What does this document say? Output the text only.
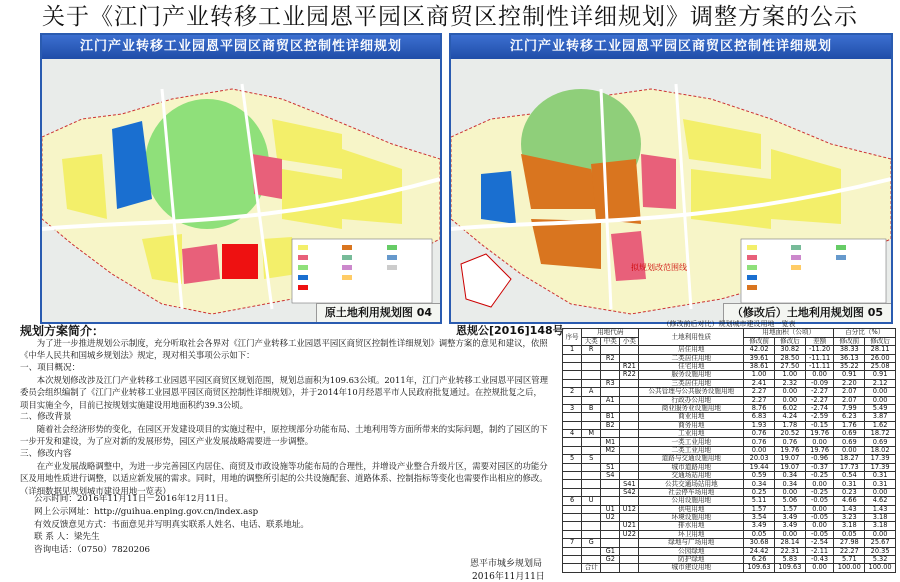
关于《江门产业转移工业园恩平园区商贸区控制性详细规划》调整方案的公示
江门产业转移工业园恩平园区商贸区控制性详细规划
原土地利用规划图 04
江门产业转移工业园恩平园区商贸区控制性详细规划
拟规划改范围线
（修改后）土地利用规划图 05
规划方案简介：	恩规公[2016]148号
为了进一步推进规划公示制度，充分听取社会各界对《江门产业转移工业园恩平园区商贸区控制性详细规划》调整方案的意见和建议，依照《中华人民共和国城乡规划法》规定，现对相关事项公示如下：
一、项目概况：
本次规划修改涉及江门产业转移工业园恩平园区商贸区规划范围，规划总面积为109.63公顷。2011年，江门产业转移工业园恩平园区管理委员会组织编制了《江门产业转移工业园恩平园区商贸区控制性详细规划》，并于2014年10月经恩平市人民政府批复通过。在控规批复之后，项目实施全今，目前已按规划实施建设用地面积约39.3公顷。
二、修改背景
随着社会经济形势的变化，在园区开发建设项目的实施过程中，原控规部分功能布局、土地利用等方面所带来的实际问题，制约了园区的下一步开发和建设，为了应对新的发展形势，园区产业发展战略需要进一步调整。
三、修改内容
在产业发展战略调整中，为进一步完善园区内居住、商贸及市政设施等功能布局的合理性，并增设产业整合升级片区，需要对园区的功能分区及用地性质进行调整，以适应新发展的需求。同时，用地的调整所引起的公共设施配套、道路体系、控制指标等变化也需要作出相应的修改。（详细数据见规划城市建设用地一览表）
公示时间：2016年11月11日－2016年12月11日。
网上公示网址：http://guihua.enping.gov.cn/index.asp
有效反馈意见方式：书面意见并写明真实联系人姓名、电话、联系地址。
联 系 人：梁先生
咨询电话：（0750）7820206
恩平市城乡规划局
2016年11月11日
（修改前后对比）规划城市建设用地一览表									
序号	用地代码			土地利用性质	用地面积（公顷）			百分比（%）	
	大类	中类	小类		修改前	修改后	差额	修改前	修改后
1	R			居住用地	42.02	30.82	-11.20	38.33	28.11
		R2		二类居住用地	39.61	28.50	-11.11	36.13	26.00
			R21	住宅用地	38.61	27.50	-11.11	35.22	25.08
			R22	服务设施用地	1.00	1.00	0.00	0.91	0.91
		R3		三类居住用地	2.41	2.32	-0.09	2.20	2.12
2	A			公共管理与公共服务设施用地	2.27	0.00	-2.27	2.07	0.00
		A1		行政办公用地	2.27	0.00	-2.27	2.07	0.00
3	B			商业服务业设施用地	8.76	6.02	-2.74	7.99	5.49
		B1		商业用地	6.83	4.24	-2.59	6.23	3.87
		B2		商务用地	1.93	1.78	-0.15	1.76	1.62
4	M			工业用地	0.76	20.52	19.76	0.69	18.72
		M1		一类工业用地	0.76	0.76	0.00	0.69	0.69
		M2		二类工业用地	0.00	19.76	19.76	0.00	18.02
5	S			道路与交通设施用地	20.03	19.07	-0.96	18.27	17.39
		S1		城市道路用地	19.44	19.07	-0.37	17.73	17.39
		S4		交通场站用地	0.59	0.34	-0.25	0.54	0.31
			S41	公共交通场站用地	0.34	0.34	0.00	0.31	0.31
			S42	社会停车场用地	0.25	0.00	-0.25	0.23	0.00
6	U			公用设施用地	5.11	5.06	-0.05	4.66	4.62
		U1	U12	供电用地	1.57	1.57	0.00	1.43	1.43
		U2		环境设施用地	3.54	3.49	-0.05	3.23	3.18
			U21	排水用地	3.49	3.49	0.00	3.18	3.18
			U22	环卫用地	0.05	0.00	-0.05	0.05	0.00
7	G			绿地与广场用地	30.68	28.14	-2.54	27.98	25.67
		G1		公园绿地	24.42	22.31	-2.11	22.27	20.35
		G2		防护绿地	6.26	5.83	-0.43	5.71	5.32
	合计			城市建设用地	109.63	109.63	0.00	100.00	100.00
